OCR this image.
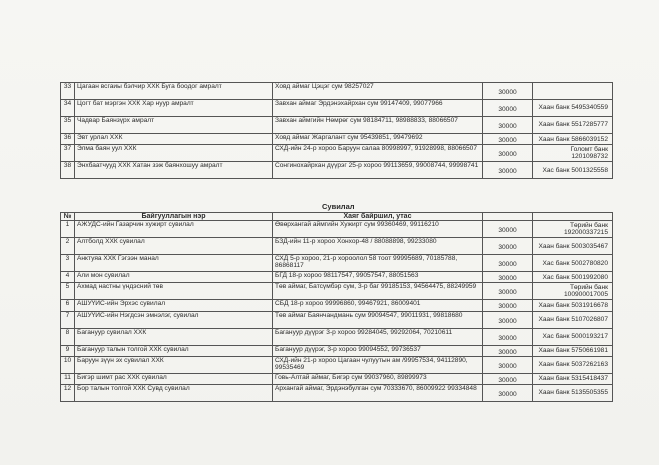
33	Цагаан всгаиы бэлчир ХХК Буга боодог амралт	Ховд аймаг Цэцэг сум 98257027	30000	
34	Цогт бат мэргэн ХХК Хар нуур амралт	Завхан аймаг Эрдэнэхайрхан сум 99147409, 99077966	30000	Хаан банк 5495340559
35	Чадвар Баянзүрх амралт	Завхан аймгийн Нөмрөг сум 98184711, 98988833, 88066507	30000	Хаан банк 5517285777
36	Эвт урлал ХХК	Ховд аймаг Жаргалант сум 95439851, 99479692	30000	Хаан банк 5866039152
37	Элма баян уул ХХК	СХД-ийн 24-р хороо Баруун салаа 80998997, 91928998, 88066507	30000	Голомт банк 1201098732
38	Энхбаатчууд ХХК Хатан зэж баянхошуу амралт	Сонгинохайрхан дүүрэг 25-р хороо 99113659, 99008744, 99998741	30000	Хас банк 5001325558
Сувилал
№	Байгууллагын нэр	Хаяг байршил, утас		
1	АЖУДС-ийн Газарчин хужирт сувилал	Өвөрхангай аймгийн Хужирт сум 99360469, 99116210	30000	Төрийн банк 192000337215
2	Алтболд ХХК сувилал	БЗД-ийн 11-р хороо Хонхор-48 / 88088898, 99233080	30000	Хаан банк 5003035467
3	Анктуяа ХХК Гэгээн манал	СХД 5-р хороо, 21-р хороолол 58 тоот 99995689, 70185788, 86868117	30000	Хас банк 5002780820
4	Али мон сувилал	БГД 18-р хороо 98117547, 99057547, 88051563	30000	Хас банк 5001992080
5	Ахмад настны үндэсний төв	Төв аймаг, Батсүмбэр сум, 3-р баг 99185153, 94564475, 88249959	30000	Төрийн банк 100900017005
6	АШУҮИС-ийн Эрхэс сувилал	СБД 18-р хороо 99996860, 99467921, 86009401	30000	Хаан банк 5031916678
7	АШУҮИС-ийн Нэгдсэн эмнэлэг, сувилал	Төв аймаг Баянчандмань сум 99094547, 99011931, 99818680	30000	Хаан банк 5107026807
8	Багануур сувилал ХХК	Багануур дүүрэг 3-р хороо 99284045, 99292064, 70210611	30000	Хас банк 5000193217
9	Багануур талын толгой ХХК сувилал	Багануур дүүрэг, 3-р хороо 99094552, 99736537	30000	Хаан банк 5750661981
10	Баруун зүүн эх сувилал ХХК	СХД-ийн 21-р хороо Цагаан чулуутын ам /99957534, 94112890, 99535469	30000	Хаан банк 5037262163
11	Бигэр шимт рас ХХК сувилал	Говь-Алтай аймаг, Бигэр сум 99037960, 89899973	30000	Хаан банк 5315418437
12	Бор талын толгой ХХК Сувд сувилал	Архангай аймаг, Эрдэнэбулган сум 70333670, 86009922 99334848	30000	Хаан банк 5135505355
